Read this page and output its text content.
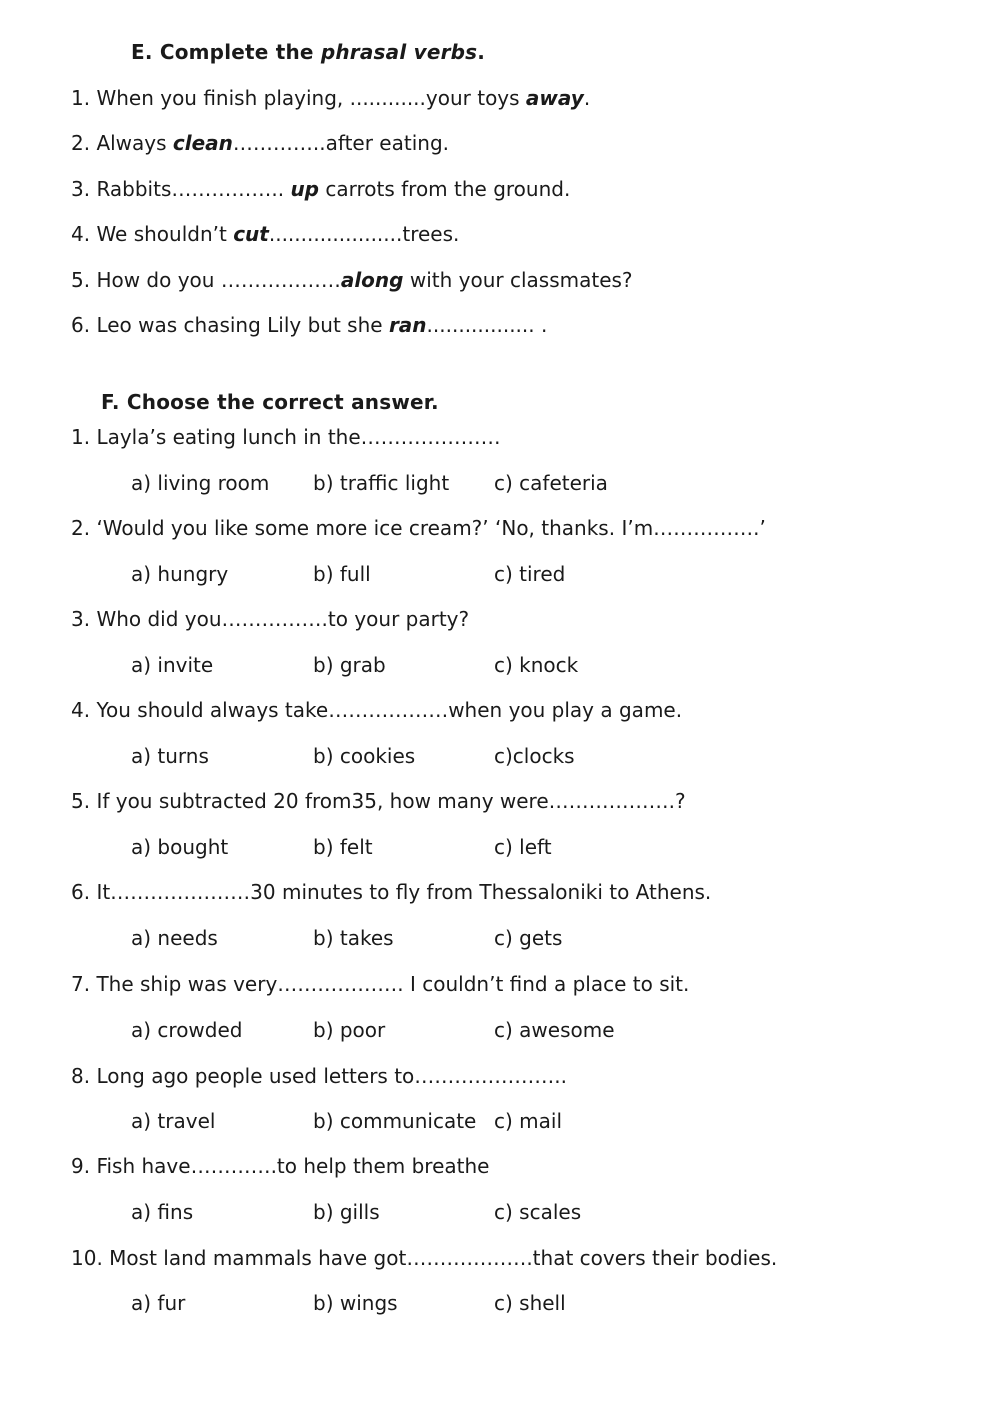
E. Complete the phrasal verbs.
1. When you finish playing, ............your toys away.
2. Always clean…………..after eating.
3. Rabbits…………….. up carrots from the ground.
4. We shouldn’t cut.....................trees.
5. How do you ………………along with your classmates?
6. Leo was chasing Lily but she ran................. .
F. Choose the correct answer.
1. Layla’s eating lunch in the…………………
a) living room b) traffic light c) cafeteria
2. ‘Would you like some more ice cream?’ ‘No, thanks. I’m…………….’
a) hungry	b) full	c) tired
3. Who did you…………….to your party?
a) invite	b) grab	c) knock
4. You should always take………………when you play a game.
a) turns	b) cookies	c)clocks
5. If you subtracted 20 from35, how many were……………….?
a) bought	b) felt	c) left
6. It…………………30 minutes to fly from Thessaloniki to Athens.
a) needs	b) takes	c) gets
7. The ship was very………………. I couldn’t find a place to sit.
a) crowded	b) poor	c) awesome
8. Long ago people used letters to…………………..
a) travel	b) communicate c) mail
9. Fish have………….to help them breathe
a) fins	b) gills	c) scales
10. Most land mammals have got……………….that covers their bodies.
a) fur	b) wings	c) shell
